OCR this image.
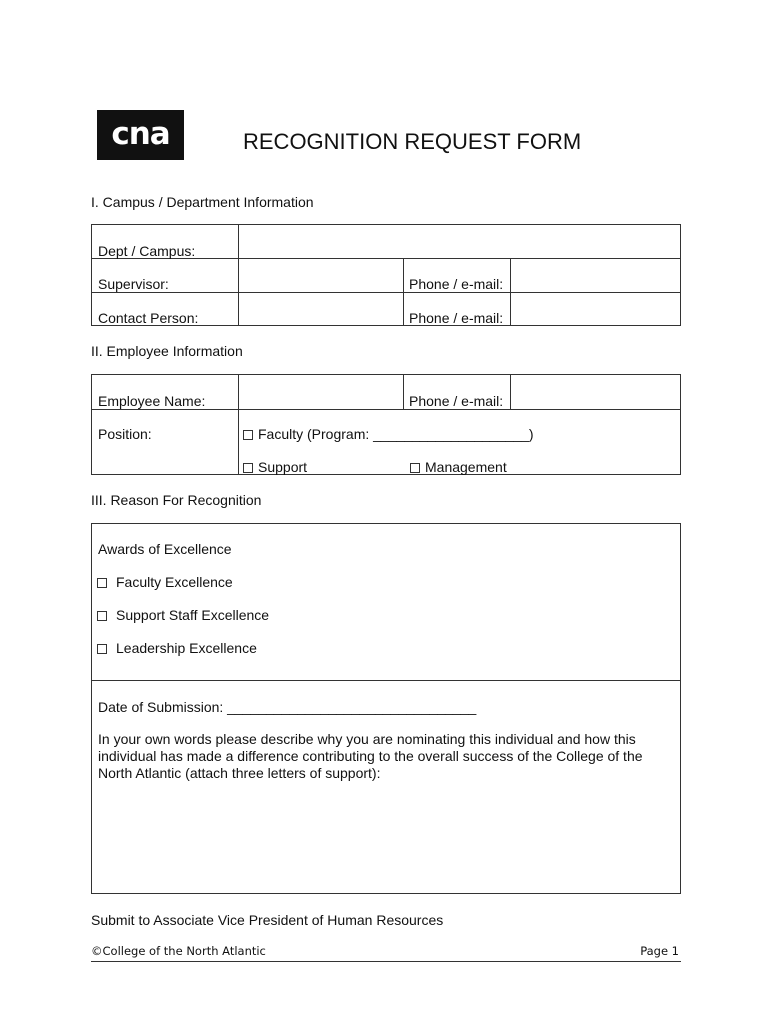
cna	RECOGNITION REQUEST FORM
I. Campus / Department Information
Dept / Campus:
Supervisor:	Phone / e-mail:
Contact Person:	Phone / e-mail:
II. Employee Information
Employee Name:	Phone / e-mail:
Position:	Faculty (Program: ____________________)
Support	Management
III. Reason For Recognition
Awards of Excellence
Faculty Excellence
Support Staff Excellence
Leadership Excellence
Date of Submission: ________________________________
In your own words please describe why you are nominating this individual and how this individual has made a difference contributing to the overall success of the College of the North Atlantic (attach three letters of support):
Submit to Associate Vice President of Human Resources
©College of the North Atlantic	Page 1
